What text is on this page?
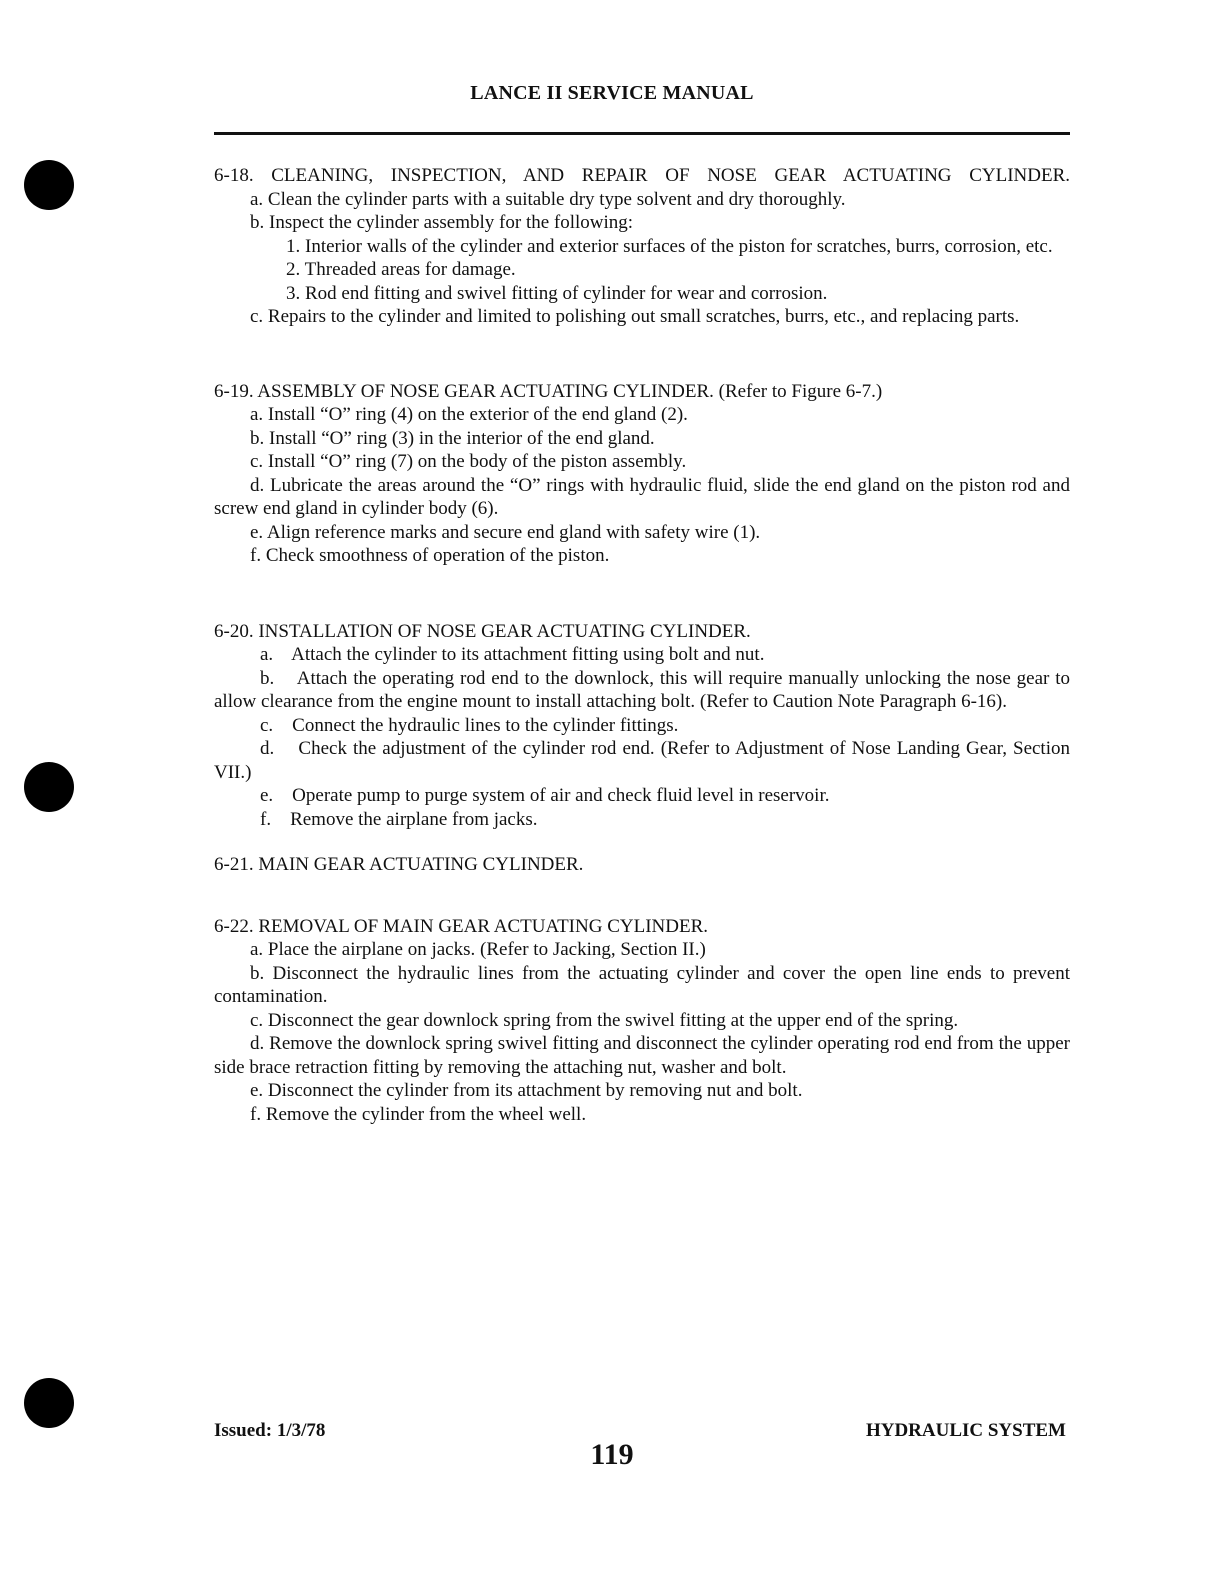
LANCE II SERVICE MANUAL

6-18. CLEANING, INSPECTION, AND REPAIR OF NOSE GEAR ACTUATING CYLINDER.

a. Clean the cylinder parts with a suitable dry type solvent and dry thoroughly.

b. Inspect the cylinder assembly for the following:

1. Interior walls of the cylinder and exterior surfaces of the piston for scratches, burrs, corrosion, etc.

2. Threaded areas for damage.

3. Rod end fitting and swivel fitting of cylinder for wear and corrosion.

c. Repairs to the cylinder and limited to polishing out small scratches, burrs, etc., and replacing parts.

6-19. ASSEMBLY OF NOSE GEAR ACTUATING CYLINDER. (Refer to Figure 6-7.)

a. Install “O” ring (4) on the exterior of the end gland (2).

b. Install “O” ring (3) in the interior of the end gland.

c. Install “O” ring (7) on the body of the piston assembly.

d. Lubricate the areas around the “O” rings with hydraulic fluid, slide the end gland on the piston rod and screw end gland in cylinder body (6).

e. Align reference marks and secure end gland with safety wire (1).

f. Check smoothness of operation of the piston.

6-20. INSTALLATION OF NOSE GEAR ACTUATING CYLINDER.

a.    Attach the cylinder to its attachment fitting using bolt and nut.

b.    Attach the operating rod end to the downlock, this will require manually unlocking the nose gear to allow clearance from the engine mount to install attaching bolt. (Refer to Caution Note Paragraph 6-16).

c.    Connect the hydraulic lines to the cylinder fittings.

d.    Check the adjustment of the cylinder rod end. (Refer to Adjustment of Nose Landing Gear, Section VII.)

e.    Operate pump to purge system of air and check fluid level in reservoir.

f.    Remove the airplane from jacks.

6-21. MAIN GEAR ACTUATING CYLINDER.

6-22. REMOVAL OF MAIN GEAR ACTUATING CYLINDER.

a. Place the airplane on jacks. (Refer to Jacking, Section II.)

b. Disconnect the hydraulic lines from the actuating cylinder and cover the open line ends to prevent contamination.

c. Disconnect the gear downlock spring from the swivel fitting at the upper end of the spring.

d. Remove the downlock spring swivel fitting and disconnect the cylinder operating rod end from the upper side brace retraction fitting by removing the attaching nut, washer and bolt.

e. Disconnect the cylinder from its attachment by removing nut and bolt.

f. Remove the cylinder from the wheel well.

Issued: 1/3/78
119
HYDRAULIC SYSTEM
